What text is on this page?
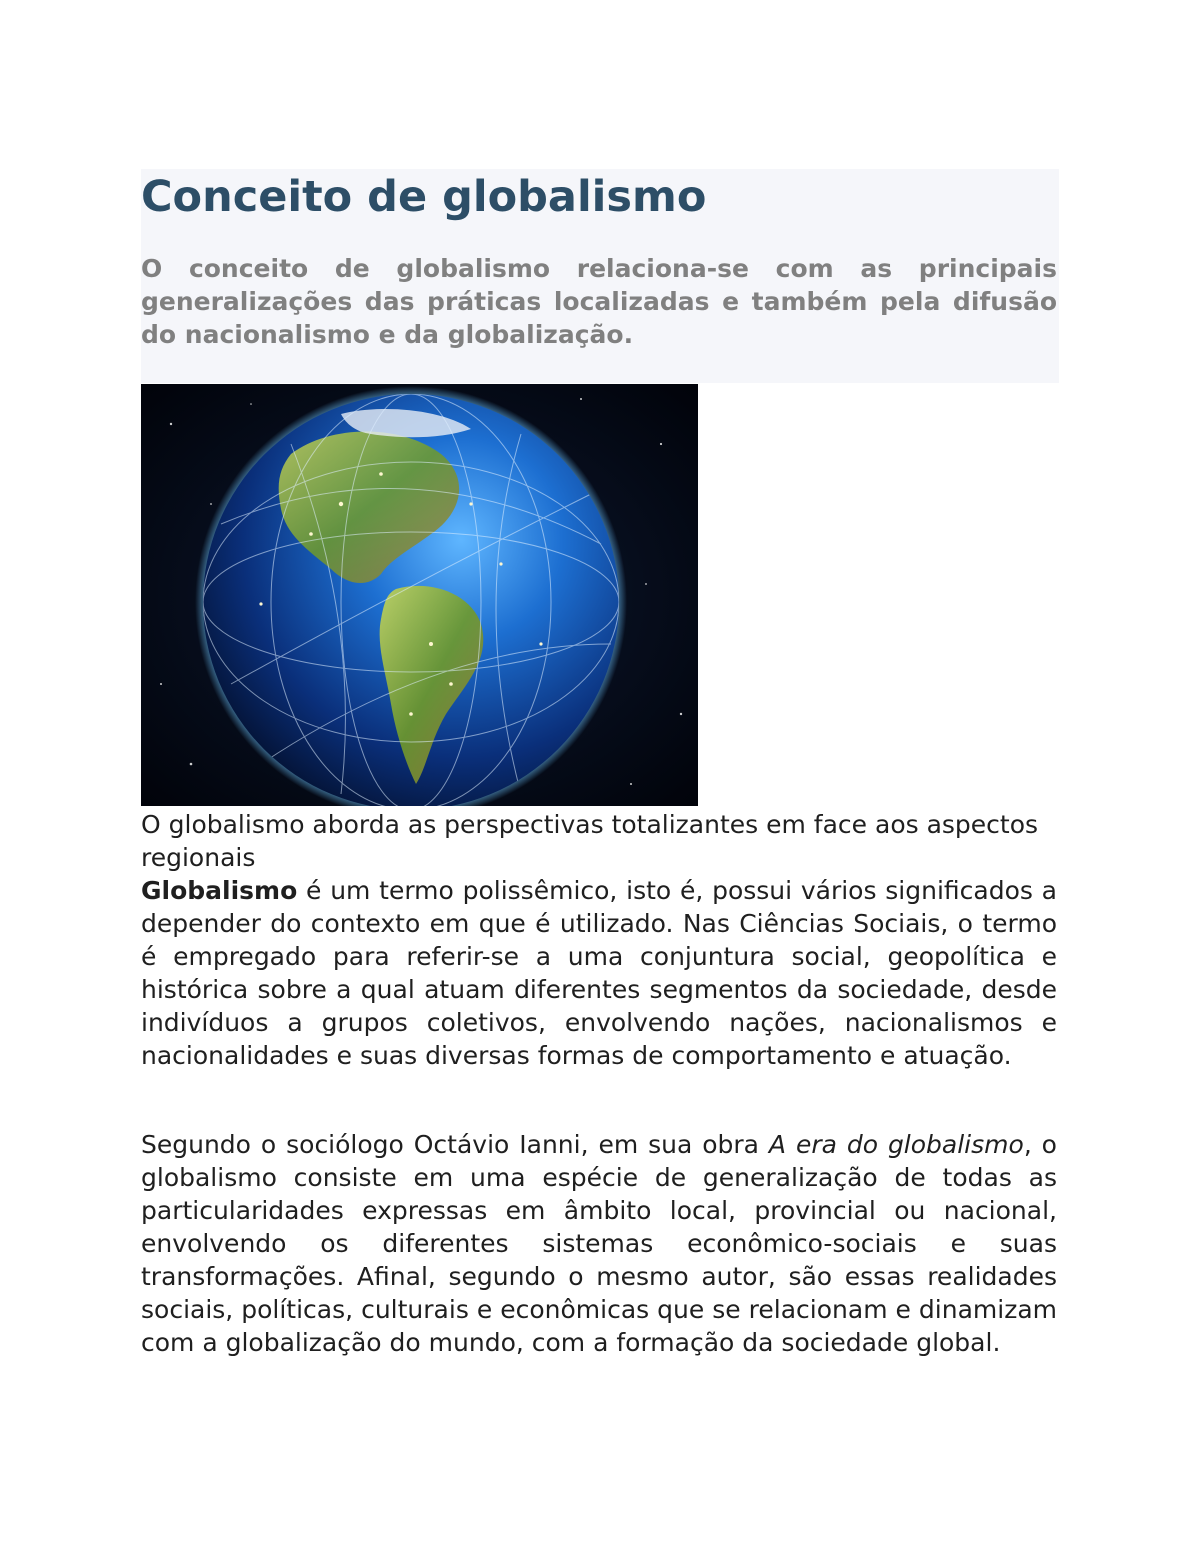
Conceito de globalismo

O conceito de globalismo relaciona-se com as principais generalizações das práticas localizadas e também pela difusão do nacionalismo e da globalização.

O globalismo aborda as perspectivas totalizantes em face aos aspectos regionais

Globalismo é um termo polissêmico, isto é, possui vários significados a depender do contexto em que é utilizado. Nas Ciências Sociais, o termo é empregado para referir-se a uma conjuntura social, geopolítica e histórica sobre a qual atuam diferentes segmentos da sociedade, desde indivíduos a grupos coletivos, envolvendo nações, nacionalismos e nacionalidades e suas diversas formas de comportamento e atuação.

Segundo o sociólogo Octávio Ianni, em sua obra A era do globalismo, o globalismo consiste em uma espécie de generalização de todas as particularidades expressas em âmbito local, provincial ou nacional, envolvendo os diferentes sistemas econômico-sociais e suas transformações. Afinal, segundo o mesmo autor, são essas realidades sociais, políticas, culturais e econômicas que se relacionam e dinamizam com a globalização do mundo, com a formação da sociedade global.
